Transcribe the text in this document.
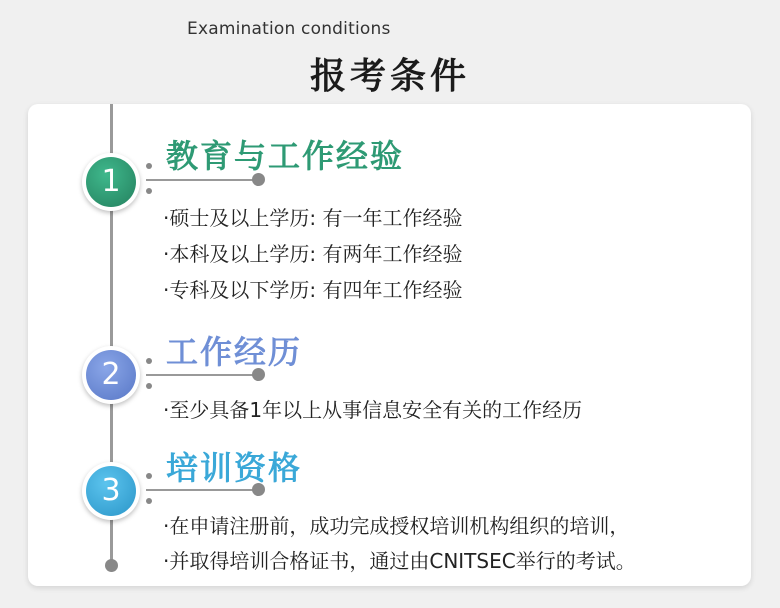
Examination conditions
报考条件
1
教育与工作经验
·硕士及以上学历: 有一年工作经验
·本科及以上学历: 有两年工作经验
·专科及以下学历: 有四年工作经验
2
工作经历
·至少具备1年以上从事信息安全有关的工作经历
3
培训资格
·在申请注册前，成功完成授权培训机构组织的培训，
·并取得培训合格证书，通过由CNITSEC举行的考试。
